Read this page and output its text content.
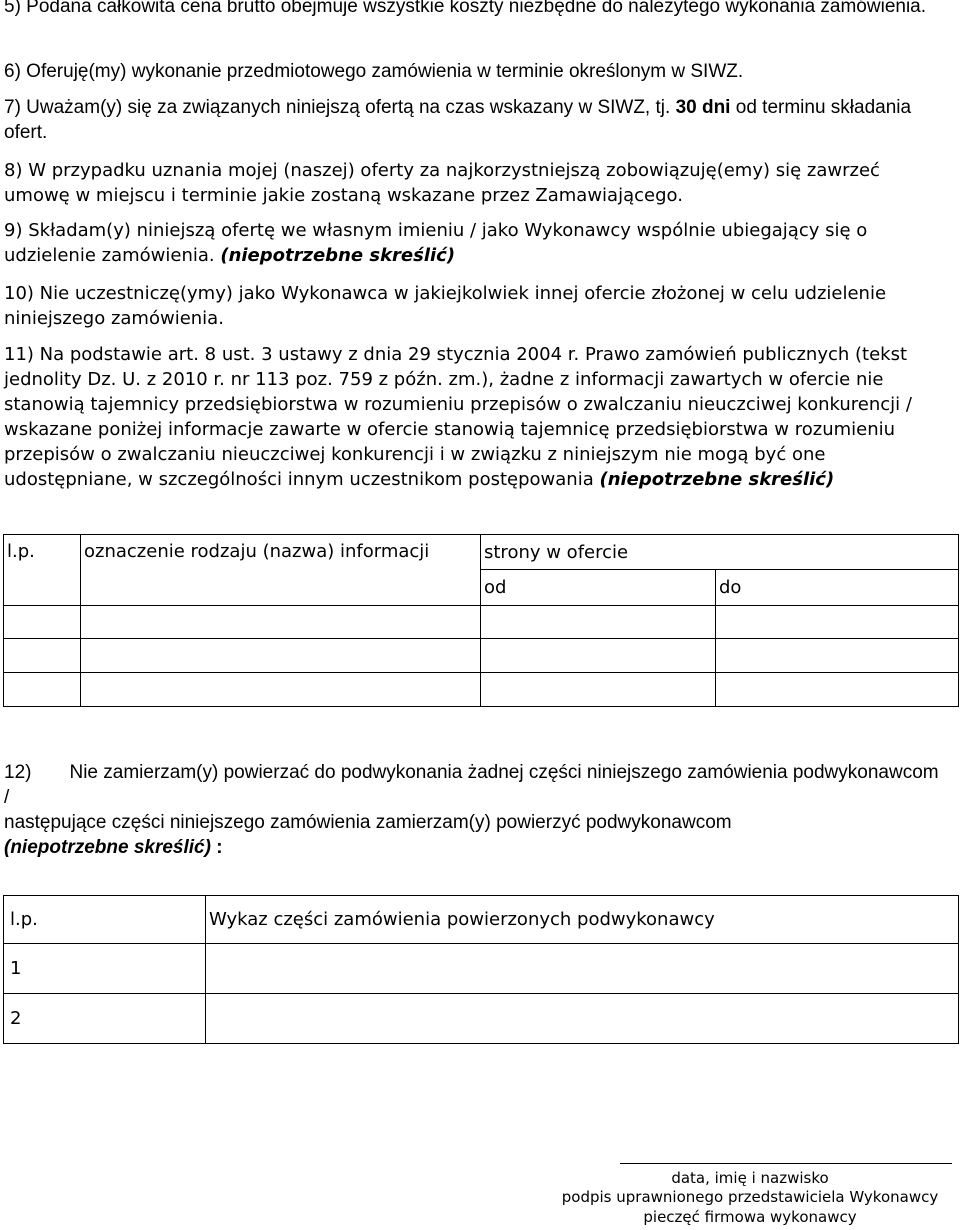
5) Podana całkowita cena brutto obejmuje wszystkie koszty niezbędne do należytego wykonania zamówienia.

6) Oferuję(my) wykonanie przedmiotowego zamówienia w terminie określonym w SIWZ.

7) Uważam(y) się za związanych niniejszą ofertą na czas wskazany w SIWZ, tj. 30 dni od terminu składania ofert.

8) W przypadku uznania mojej (naszej) oferty za najkorzystniejszą zobowiązuję(emy) się zawrzeć umowę w miejscu i terminie jakie zostaną wskazane przez Zamawiającego.

9) Składam(y) niniejszą ofertę we własnym imieniu / jako Wykonawcy wspólnie ubiegający się o udzielenie zamówienia. (niepotrzebne skreślić)

10) Nie uczestniczę(ymy) jako Wykonawca w jakiejkolwiek innej ofercie złożonej w celu udzielenie niniejszego zamówienia.

11) Na podstawie art. 8 ust. 3 ustawy z dnia 29 stycznia 2004 r. Prawo zamówień publicznych (tekst jednolity Dz. U. z 2010 r. nr 113 poz. 759 z późn. zm.), żadne z informacji zawartych w ofercie nie stanowią tajemnicy przedsiębiorstwa w rozumieniu przepisów o zwalczaniu nieuczciwej konkurencji / wskazane poniżej informacje zawarte w ofercie stanowią tajemnicę przedsiębiorstwa w rozumieniu przepisów o zwalczaniu nieuczciwej konkurencji i w związku z niniejszym nie mogą być one udostępniane, w szczególności innym uczestnikom postępowania (niepotrzebne skreślić)

l.p.	oznaczenie rodzaju (nazwa) informacji	strony w ofercie	
		od	do

12) Nie zamierzam(y) powierzać do podwykonania żadnej części niniejszego zamówienia podwykonawcom /
następujące części niniejszego zamówienia zamierzam(y) powierzyć podwykonawcom
(niepotrzebne skreślić) :
l.p.	Wykaz części zamówienia powierzonych podwykonawcy
1	
2	
data, imię i nazwisko
podpis uprawnionego przedstawiciela Wykonawcy
pieczęć firmowa wykonawcy
